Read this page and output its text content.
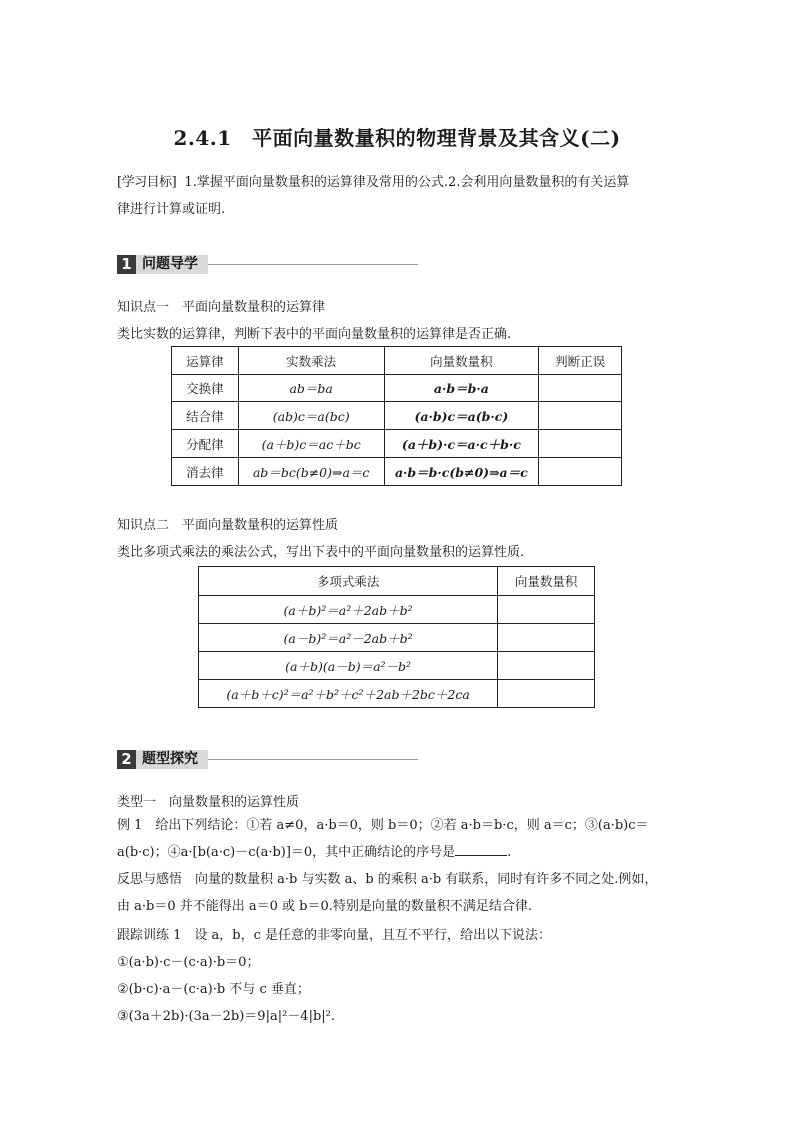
2.4.1　平面向量数量积的物理背景及其含义(二)
[学习目标] 1.掌握平面向量数量积的运算律及常用的公式.2.会利用向量数量积的有关运算
律进行计算或证明.
1 问题导学
知识点一　平面向量数量积的运算律
类比实数的运算律，判断下表中的平面向量数量积的运算律是否正确.
运算律	实数乘法	向量数量积	判断正误
交换律	ab＝ba	a·b＝b·a	
结合律	(ab)c＝a(bc)	(a·b)c＝a(b·c)	
分配律	(a＋b)c＝ac＋bc	(a＋b)·c＝a·c＋b·c	
消去律	ab＝bc(b≠0)⇒a＝c	a·b＝b·c(b≠0)⇒a＝c	
知识点二　平面向量数量积的运算性质
类比多项式乘法的乘法公式，写出下表中的平面向量数量积的运算性质.
多项式乘法	向量数量积
(a＋b)²＝a²＋2ab＋b²	
(a－b)²＝a²－2ab＋b²	
(a＋b)(a－b)＝a²－b²	
(a＋b＋c)²＝a²＋b²＋c²＋2ab＋2bc＋2ca	
2 题型探究
类型一　向量数量积的运算性质
例 1　给出下列结论：①若 a≠0，a·b＝0，则 b＝0；②若 a·b＝b·c，则 a＝c；③(a·b)c＝
a(b·c)；④a·[b(a·c)－c(a·b)]＝0，其中正确结论的序号是	.
反思与感悟　向量的数量积 a·b 与实数 a、b 的乘积 a·b 有联系，同时有许多不同之处.例如，
由 a·b＝0 并不能得出 a＝0 或 b＝0.特别是向量的数量积不满足结合律.
跟踪训练 1　设 a，b，c 是任意的非零向量，且互不平行，给出以下说法：
①(a·b)·c－(c·a)·b＝0；
②(b·c)·a－(c·a)·b 不与 c 垂直；
③(3a＋2b)·(3a－2b)＝9|a|²－4|b|².
